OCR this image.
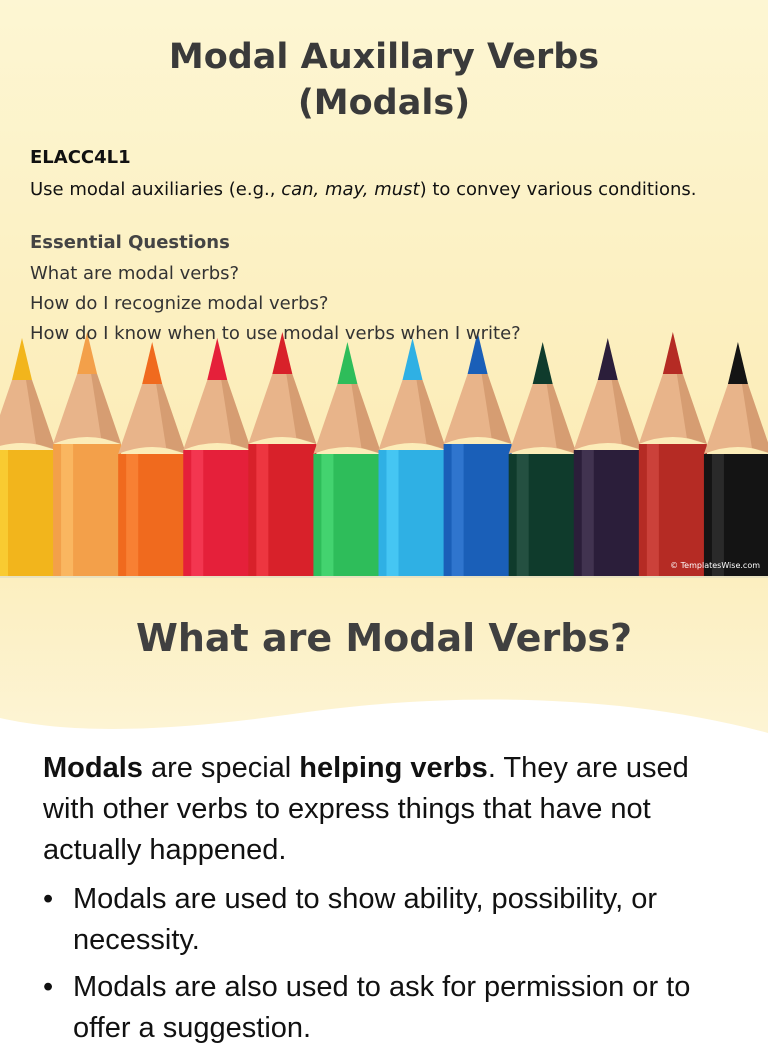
Modal Auxillary Verbs
(Modals)
ELACC4L1
Use modal auxiliaries (e.g., can, may, must) to convey various conditions.
Essential Questions
What are modal verbs?
How do I recognize modal verbs?
How do I know when to use modal verbs when I write?
© TemplatesWise.com
What are Modal Verbs?

Modals are special helping verbs. They are used with other verbs to express things that have not actually happened.

• Modals are used to show ability, possibility, or necessity.
• Modals are also used to ask for permission or to offer a suggestion.
